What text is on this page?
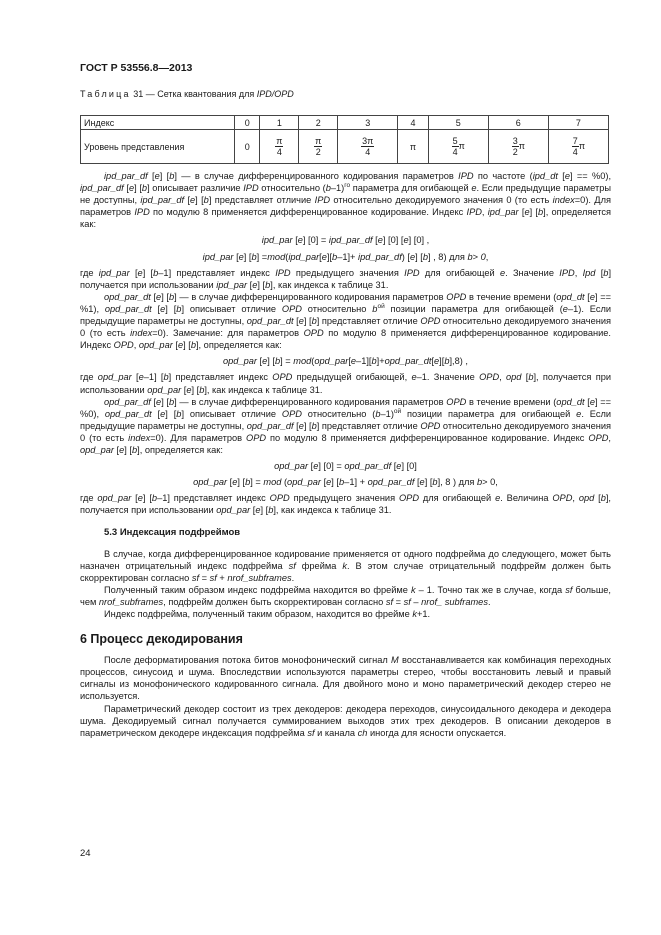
ГОСТ Р 53556.8—2013
Таблица 31 — Сетка квантования для IPD/OPD
Индекс	0	1	2	3	4	5	6	7
Уровень представления	0	$\frac{\pi}{4}$	$\frac{\pi}{2}$	$\frac{3\pi}{4}$	π	$\frac{5}{4}$ π	$\frac{3}{2}$ π	$\frac{7}{4}$ π

ipd_par_df [e] [b] — в случае дифференцированного кодирования параметров IPD по частоте (ipd_dt [e] == %0), ipd_par_df [e] [b] описывает различие IPD относительно $(b-1)^{го}$ параметра для огибающей e. Если предыдущие параметры не доступны, ipd_par_df [e] [b] представляет отличие IPD относительно декодируемого значения 0 (то есть index=0). Для параметров IPD по модулю 8 применяется дифференцированное кодирование. Индекс IPD, ipd_par [e] [b], определяется как:

ipd_par [e] [0] = ipd_par_df [e] [0] [e] [0] ,

ipd_par [e] [b] =mod(ipd_par[e][b–1]+ ipd_par_df) [e] [b] , 8) для b> 0,

где ipd_par [e] [b–1] представляет индекс IPD предыдущего значения IPD для огибающей e. Значение IPD, Ipd [b] получается при использовании ipd_par [e] [b], как индекса к таблице 31.

opd_par_dt [e] [b] — в случае дифференцированного кодирования параметров OPD в течение времени (opd_dt [e] == %1), opd_par_dt [e] [b] описывает отличие OPD относительно $b^{ой}$ позиции параметра для огибающей (e–1). Если предыдущие параметры не доступны, opd_par_dt [e] [b] представляет отличие OPD относительно декодируемого значения 0 (то есть index=0). Замечание: для параметров OPD по модулю 8 применяется дифференцированное кодирование. Индекс OPD, opd_par [e] [b], определяется как:

opd_par [e] [b] = mod(opd_par[e–1][b]+opd_par_dt[e][b],8) ,

где opd_par [e–1] [b] представляет индекс OPD предыдущей огибающей, e–1. Значение OPD, opd [b], получается при использовании opd_par [e] [b], как индекса к таблице 31.

opd_par_df [e] [b] — в случае дифференцированного кодирования параметров OPD в течение времени (opd_dt [e] == %0), opd_par_dt [e] [b] описывает отличие OPD относительно $(b-1)^{ой}$ позиции параметра для огибающей e. Если предыдущие параметры не доступны, opd_par_df [e] [b] представляет отличие OPD относительно декодируемого значения 0 (то есть index=0). Для параметров OPD по модулю 8 применяется дифференцированное кодирование. Индекс OPD, opd_par [e] [b], определяется как:

opd_par [e] [0] = opd_par_df [e] [0]

opd_par [e] [b] = mod (opd_par [e] [b–1] + opd_par_df [e] [b], 8 ) для b> 0,

где opd_par [e] [b–1] представляет индекс OPD предыдущего значения OPD для огибающей e. Величина OPD, opd [b], получается при использовании opd_par [e] [b], как индекса к таблице 31.

5.3 Индексация подфреймов

В случае, когда дифференцированное кодирование применяется от одного подфрейма до следующего, может быть назначен отрицательный индекс подфрейма sf фрейма k. В этом случае отрицательный подфрейм должен быть скорректирован согласно sf = sf + nrof_subframes.

Полученный таким образом индекс подфрейма находится во фрейме k – 1. Точно так же в случае, когда sf больше, чем nrof_subframes, подфрейм должен быть скорректирован согласно sf = sf – nrof_ subframes.

Индекс подфрейма, полученный таким образом, находится во фрейме k+1.

6 Процесс декодирования

После деформатирования потока битов монофонический сигнал M восстанавливается как комбинация переходных процессов, синусоид и шума. Впоследствии используются параметры стерео, чтобы восстановить левый и правый сигналы из монофонического кодированного сигнала. Для двойного моно и моно параметрический декодер стерео не используется.

Параметрический декодер состоит из трех декодеров: декодера переходов, синусоидального декодера и декодера шума. Декодируемый сигнал получается суммированием выходов этих трех декодеров. В описании декодеров в параметрическом декодере индексация подфрейма sf и канала ch иногда для ясности опускается.

24
